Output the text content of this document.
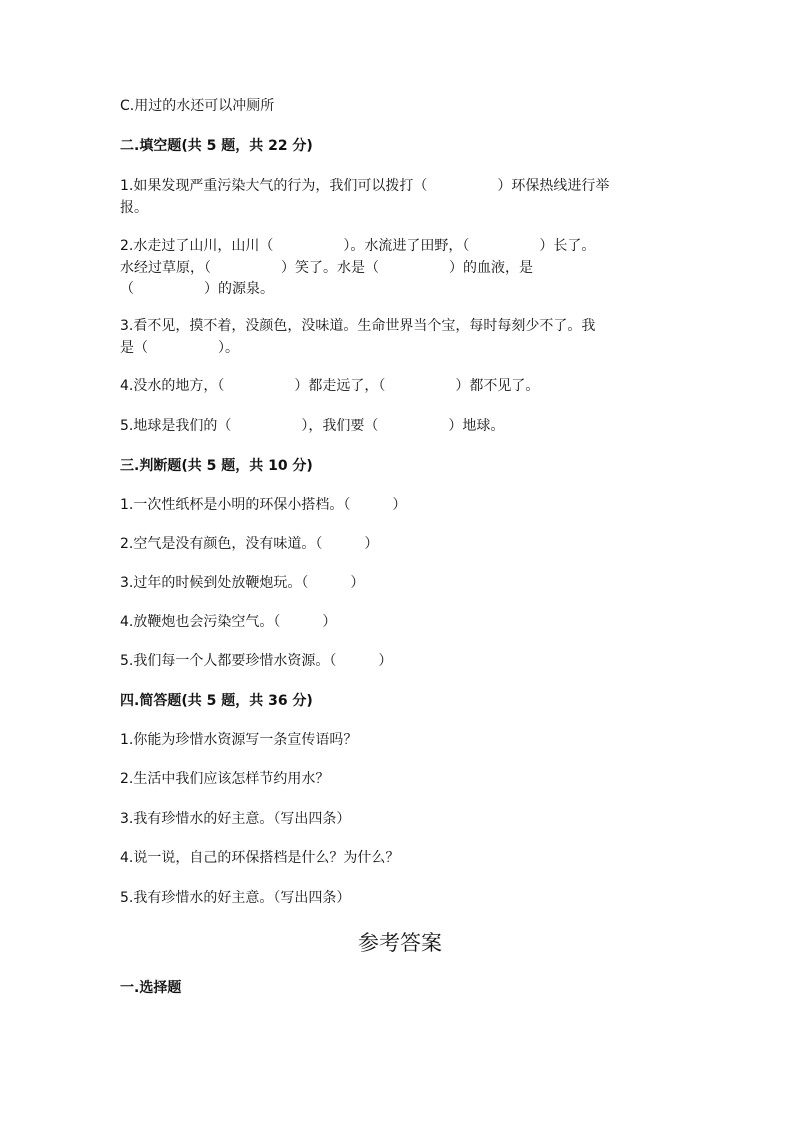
C.用过的水还可以冲厕所
二.填空题(共 5 题，共 22 分)
1.如果发现严重污染大气的行为，我们可以拨打（　　　　　）环保热线进行举
报。
2.水走过了山川，山川（　　　　　）。水流进了田野，（　　　　　）长了。
水经过草原，（　　　　　）笑了。水是（　　　　　）的血液，是
（　　　　　）的源泉。
3.看不见，摸不着，没颜色，没味道。生命世界当个宝，每时每刻少不了。我
是（　　　　　）。
4.没水的地方，（　　　　　）都走远了，（　　　　　）都不见了。
5.地球是我们的（　　　　　），我们要（　　　　　）地球。
三.判断题(共 5 题，共 10 分)
1.一次性纸杯是小明的环保小搭档。（　　　）
2.空气是没有颜色，没有味道。（　　　）
3.过年的时候到处放鞭炮玩。（　　　）
4.放鞭炮也会污染空气。（　　　）
5.我们每一个人都要珍惜水资源。（　　　）
四.简答题(共 5 题，共 36 分)
1.你能为珍惜水资源写一条宣传语吗？
2.生活中我们应该怎样节约用水？
3.我有珍惜水的好主意。（写出四条）
4.说一说，自己的环保搭档是什么？为什么？
5.我有珍惜水的好主意。（写出四条）
参考答案
一.选择题
